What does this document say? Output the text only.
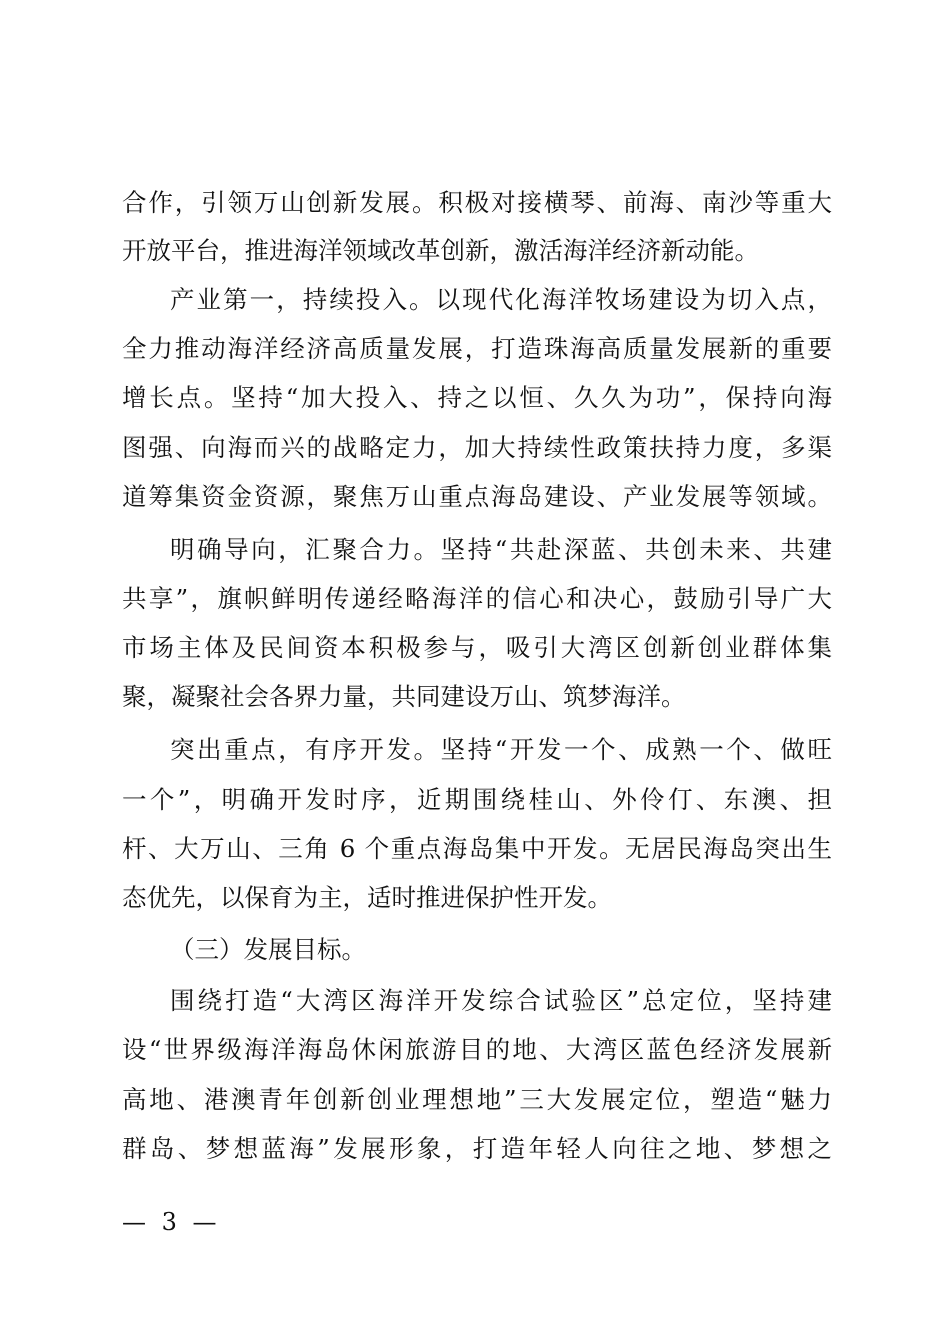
合作，引领万山创新发展。积极对接横琴、前海、南沙等重大
开放平台，推进海洋领域改革创新，激活海洋经济新动能。
产业第一，持续投入。以现代化海洋牧场建设为切入点，
全力推动海洋经济高质量发展，打造珠海高质量发展新的重要
增长点。坚持“加大投入、持之以恒、久久为功”，保持向海
图强、向海而兴的战略定力，加大持续性政策扶持力度，多渠
道筹集资金资源，聚焦万山重点海岛建设、产业发展等领域。
明确导向，汇聚合力。坚持“共赴深蓝、共创未来、共建
共享”，旗帜鲜明传递经略海洋的信心和决心，鼓励引导广大
市场主体及民间资本积极参与，吸引大湾区创新创业群体集
聚，凝聚社会各界力量，共同建设万山、筑梦海洋。
突出重点，有序开发。坚持“开发一个、成熟一个、做旺
一个”，明确开发时序，近期围绕桂山、外伶仃、东澳、担
杆、大万山、三角 6 个重点海岛集中开发。无居民海岛突出生
态优先，以保育为主，适时推进保护性开发。
（三）发展目标。
围绕打造“大湾区海洋开发综合试验区”总定位，坚持建
设“世界级海洋海岛休闲旅游目的地、大湾区蓝色经济发展新
高地、港澳青年创新创业理想地”三大发展定位，塑造“魅力
群岛、梦想蓝海”发展形象，打造年轻人向往之地、梦想之
— 3 —
